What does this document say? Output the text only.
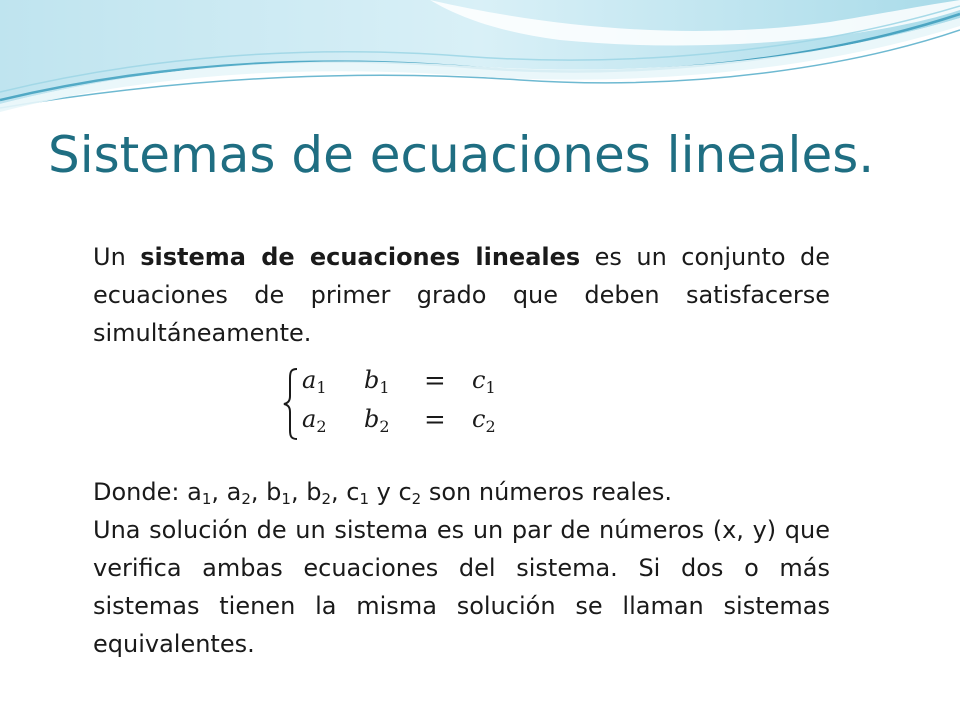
Sistemas de ecuaciones lineales.
Un sistema de ecuaciones lineales es un conjunto de ecuaciones de primer grado que deben satisfacerse simultáneamente.
$a_1$ $b_1 = c_1$
$a_2$ $b_2 = c_2$
Donde: $a_1$, $a_2$, $b_1$, $b_2$, $c_1$ y $c_2$ son números reales.
Una solución de un sistema es un par de números (x, y) que verifica ambas ecuaciones del sistema. Si dos o más sistemas tienen la misma solución se llaman sistemas equivalentes.
